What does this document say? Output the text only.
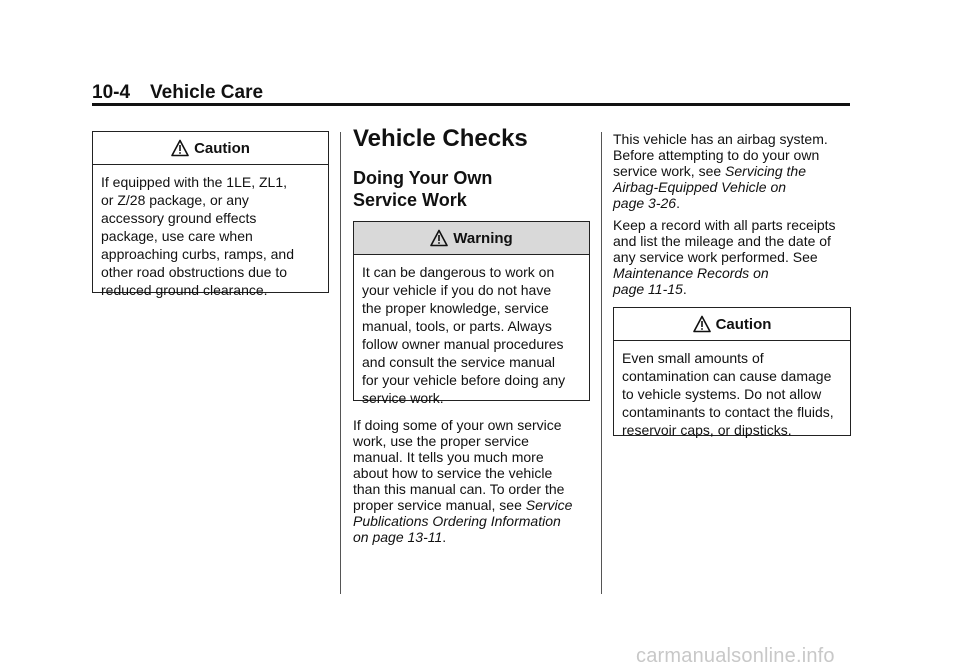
10-4 Vehicle Care
Caution
If equipped with the 1LE, ZL1,
or Z/28 package, or any
accessory ground effects
package, use care when
approaching curbs, ramps, and
other road obstructions due to
reduced ground clearance.
Vehicle Checks
Doing Your Own
Service Work
Warning
It can be dangerous to work on
your vehicle if you do not have
the proper knowledge, service
manual, tools, or parts. Always
follow owner manual procedures
and consult the service manual
for your vehicle before doing any
service work.
If doing some of your own service
work, use the proper service
manual. It tells you much more
about how to service the vehicle
than this manual can. To order the
proper service manual, see Service
Publications Ordering Information
on page 13-11.
This vehicle has an airbag system.
Before attempting to do your own
service work, see Servicing the
Airbag-Equipped Vehicle on
page 3-26.
Keep a record with all parts receipts
and list the mileage and the date of
any service work performed. See
Maintenance Records on
page 11-15.
Caution
Even small amounts of
contamination can cause damage
to vehicle systems. Do not allow
contaminants to contact the fluids,
reservoir caps, or dipsticks.
carmanualsonline.info
